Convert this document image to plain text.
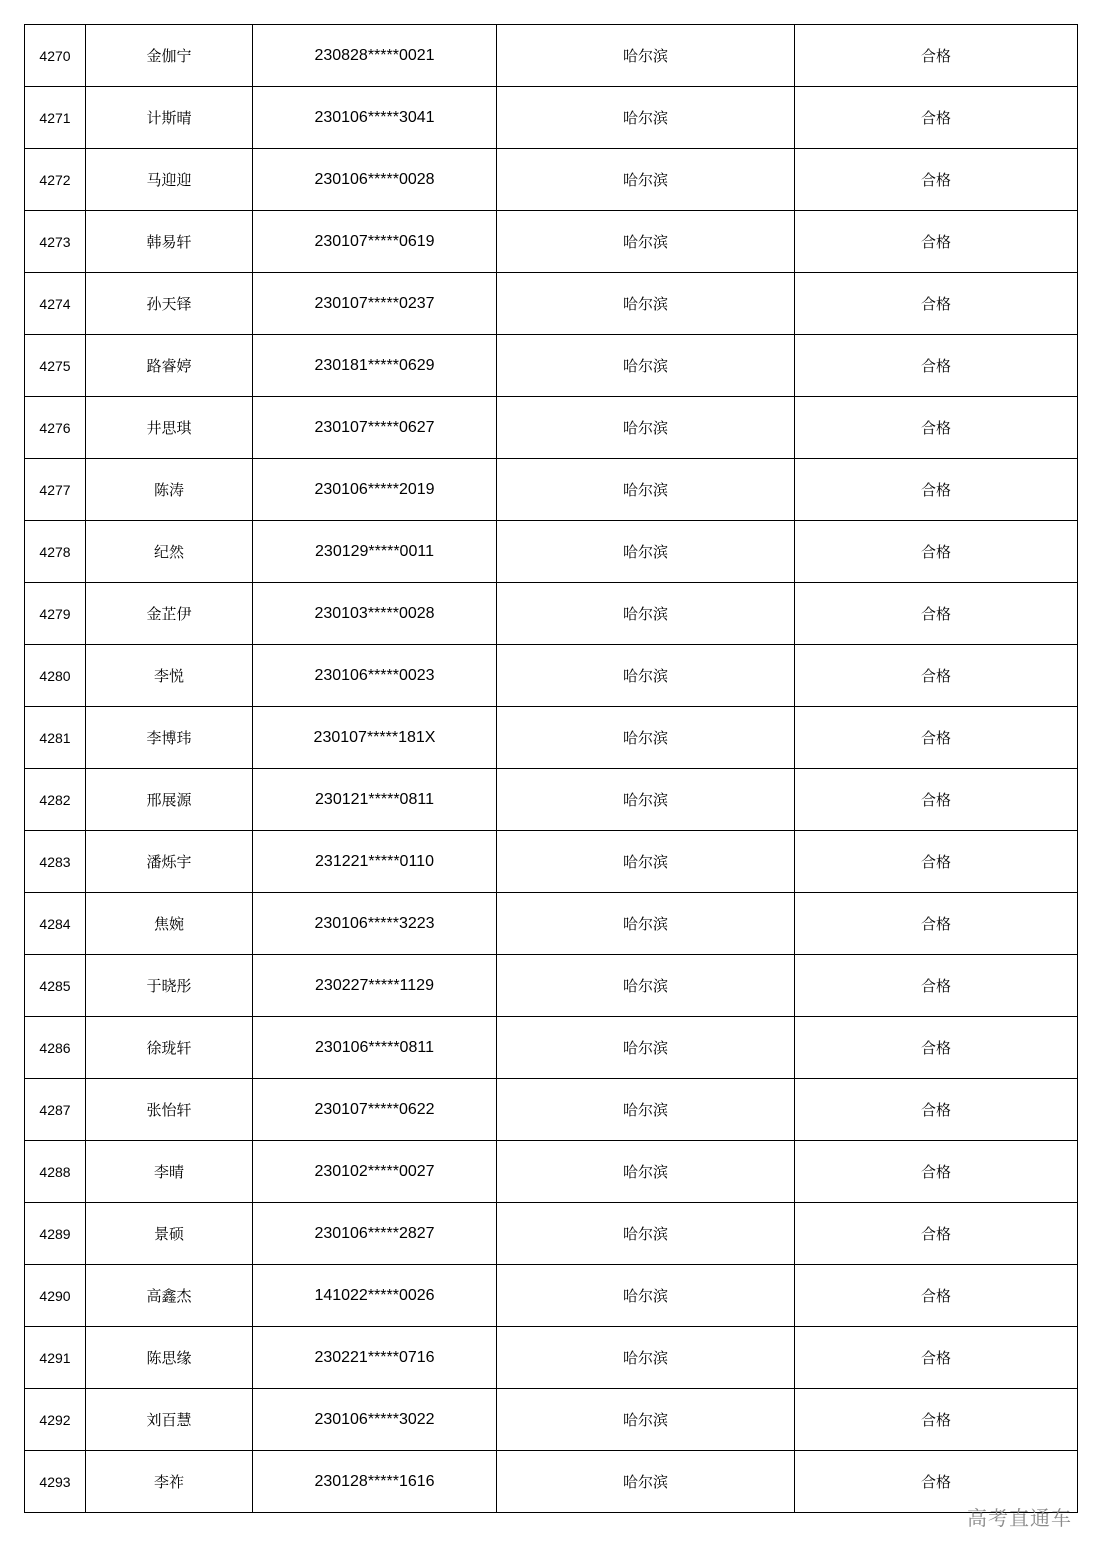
4270	金伽宁	230828*****0021	哈尔滨	合格
4271	计斯晴	230106*****3041	哈尔滨	合格
4272	马迎迎	230106*****0028	哈尔滨	合格
4273	韩易轩	230107*****0619	哈尔滨	合格
4274	孙天铎	230107*****0237	哈尔滨	合格
4275	路睿婷	230181*****0629	哈尔滨	合格
4276	井思琪	230107*****0627	哈尔滨	合格
4277	陈涛	230106*****2019	哈尔滨	合格
4278	纪然	230129*****0011	哈尔滨	合格
4279	金芷伊	230103*****0028	哈尔滨	合格
4280	李悦	230106*****0023	哈尔滨	合格
4281	李博玮	230107*****181X	哈尔滨	合格
4282	邢展源	230121*****0811	哈尔滨	合格
4283	潘烁宇	231221*****0110	哈尔滨	合格
4284	焦婉	230106*****3223	哈尔滨	合格
4285	于晓彤	230227*****1129	哈尔滨	合格
4286	徐珑轩	230106*****0811	哈尔滨	合格
4287	张怡轩	230107*****0622	哈尔滨	合格
4288	李晴	230102*****0027	哈尔滨	合格
4289	景硕	230106*****2827	哈尔滨	合格
4290	高鑫杰	141022*****0026	哈尔滨	合格
4291	陈思缘	230221*****0716	哈尔滨	合格
4292	刘百慧	230106*****3022	哈尔滨	合格
4293	李祚	230128*****1616	哈尔滨	合格
高考直通车
